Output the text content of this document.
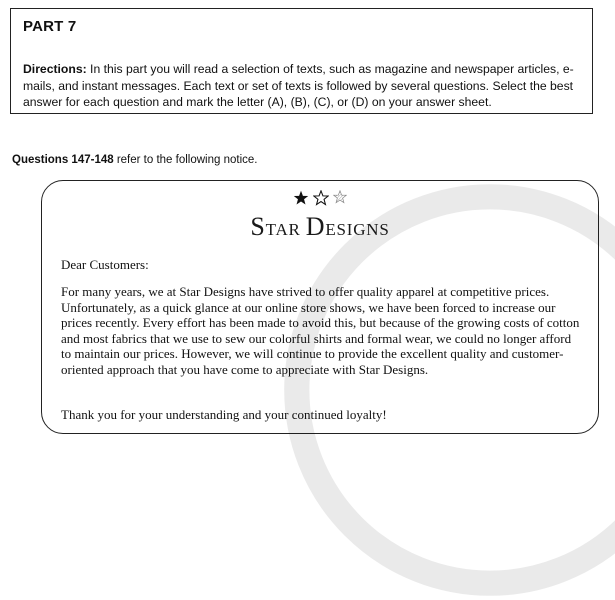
PART 7

Directions: In this part you will read a selection of texts, such as magazine and newspaper articles, e-mails, and instant messages. Each text or set of texts is followed by several questions. Select the best answer for each question and mark the letter (A), (B), (C), or (D) on your answer sheet.

Questions 147-148 refer to the following notice.

STAR DESIGNS

Dear Customers:

For many years, we at Star Designs have strived to offer quality apparel at competitive prices. Unfortunately, as a quick glance at our online store shows, we have been forced to increase our prices recently. Every effort has been made to avoid this, but because of the growing costs of cotton and most fabrics that we use to sew our colorful shirts and formal wear, we could no longer afford to maintain our prices. However, we will continue to provide the excellent quality and customer-oriented approach that you have come to appreciate with Star Designs.

Thank you for your understanding and your continued loyalty!
